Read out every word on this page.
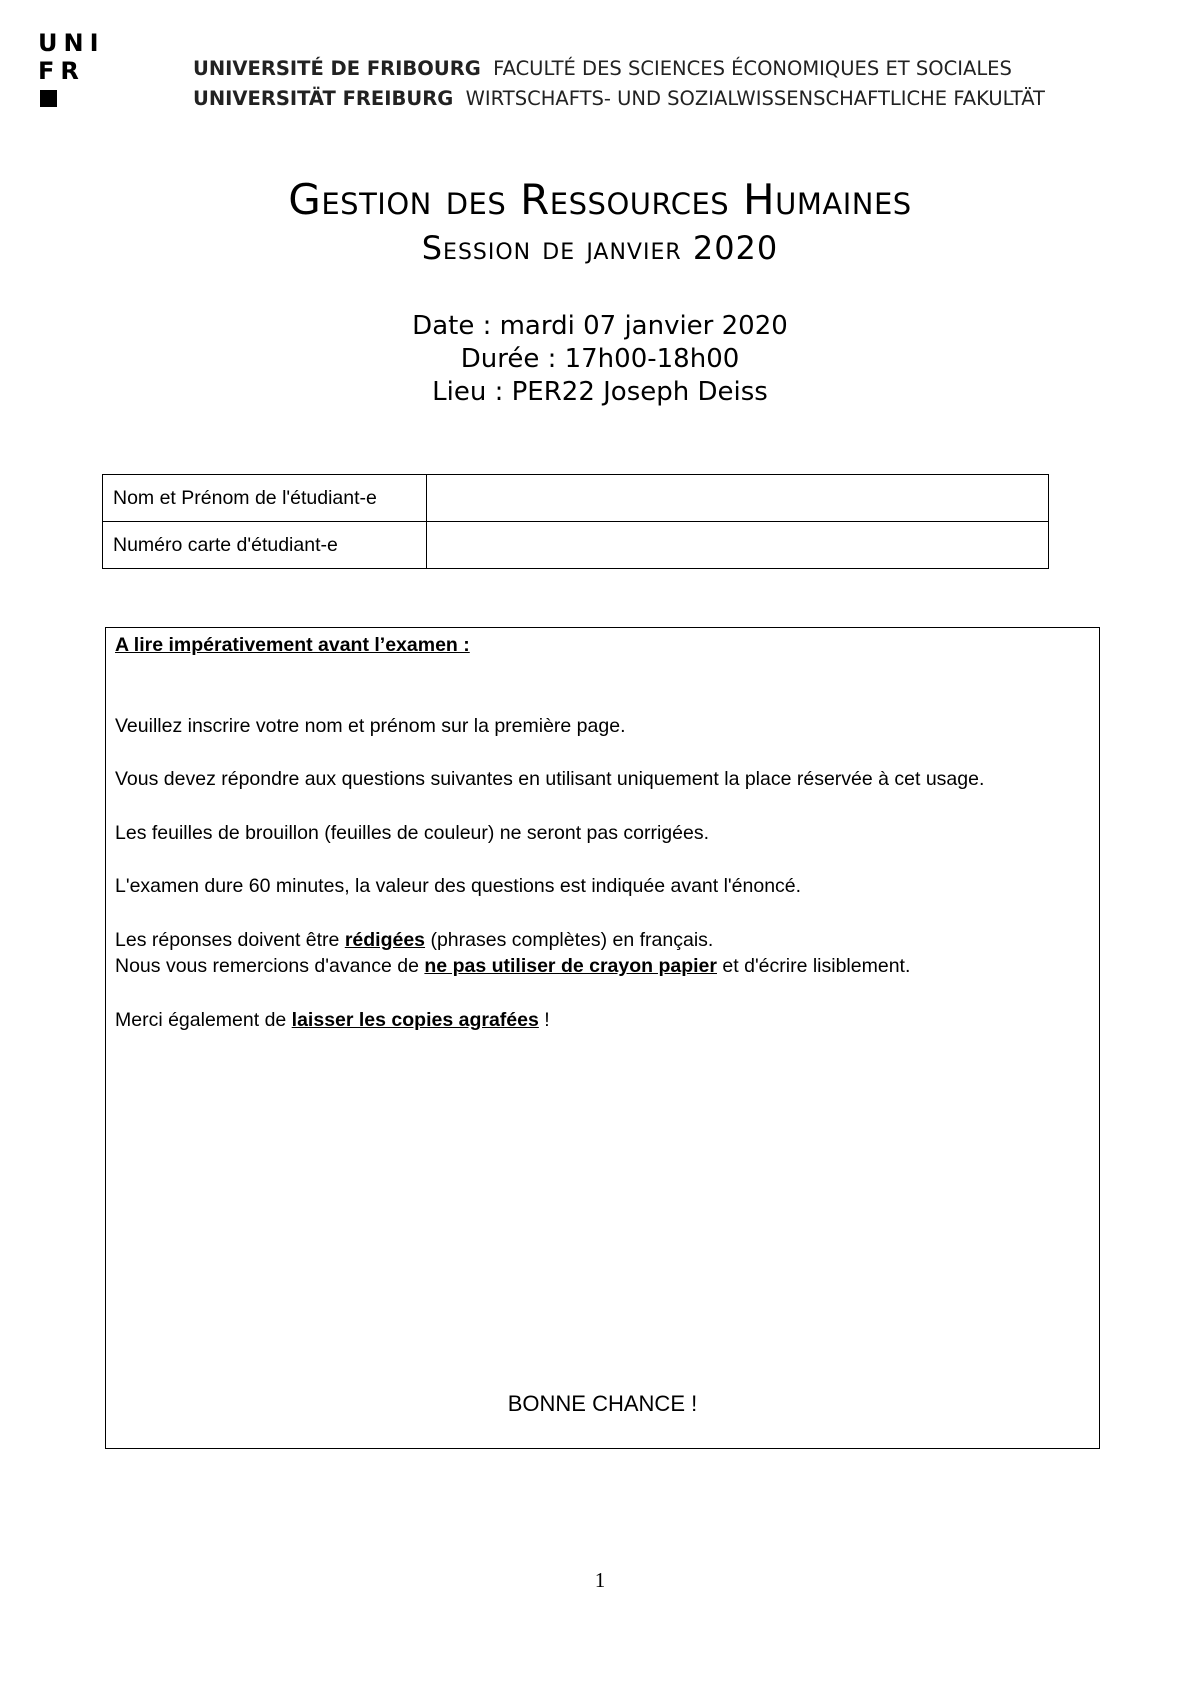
UNI
FR	UNIVERSITÉ DE FRIBOURG FACULTÉ DES SCIENCES ÉCONOMIQUES ET SOCIALES
UNIVERSITÄT FREIBURG WIRTSCHAFTS- UND SOZIALWISSENSCHAFTLICHE FAKULTÄT
Gestion des Ressources Humaines
Session de janvier 2020
Date : mardi 07 janvier 2020
Durée : 17h00-18h00
Lieu : PER22 Joseph Deiss
Nom et Prénom de l'étudiant-e	
Numéro carte d'étudiant-e	
A lire impérativement avant l’examen :

Veuillez inscrire votre nom et prénom sur la première page.

Vous devez répondre aux questions suivantes en utilisant uniquement la place réservée à cet usage.

Les feuilles de brouillon (feuilles de couleur) ne seront pas corrigées.

L'examen dure 60 minutes, la valeur des questions est indiquée avant l'énoncé.

Les réponses doivent être rédigées (phrases complètes) en français.

Nous vous remercions d'avance de ne pas utiliser de crayon papier et d'écrire lisiblement.

Merci également de laisser les copies agrafées !

BONNE CHANCE !
1
